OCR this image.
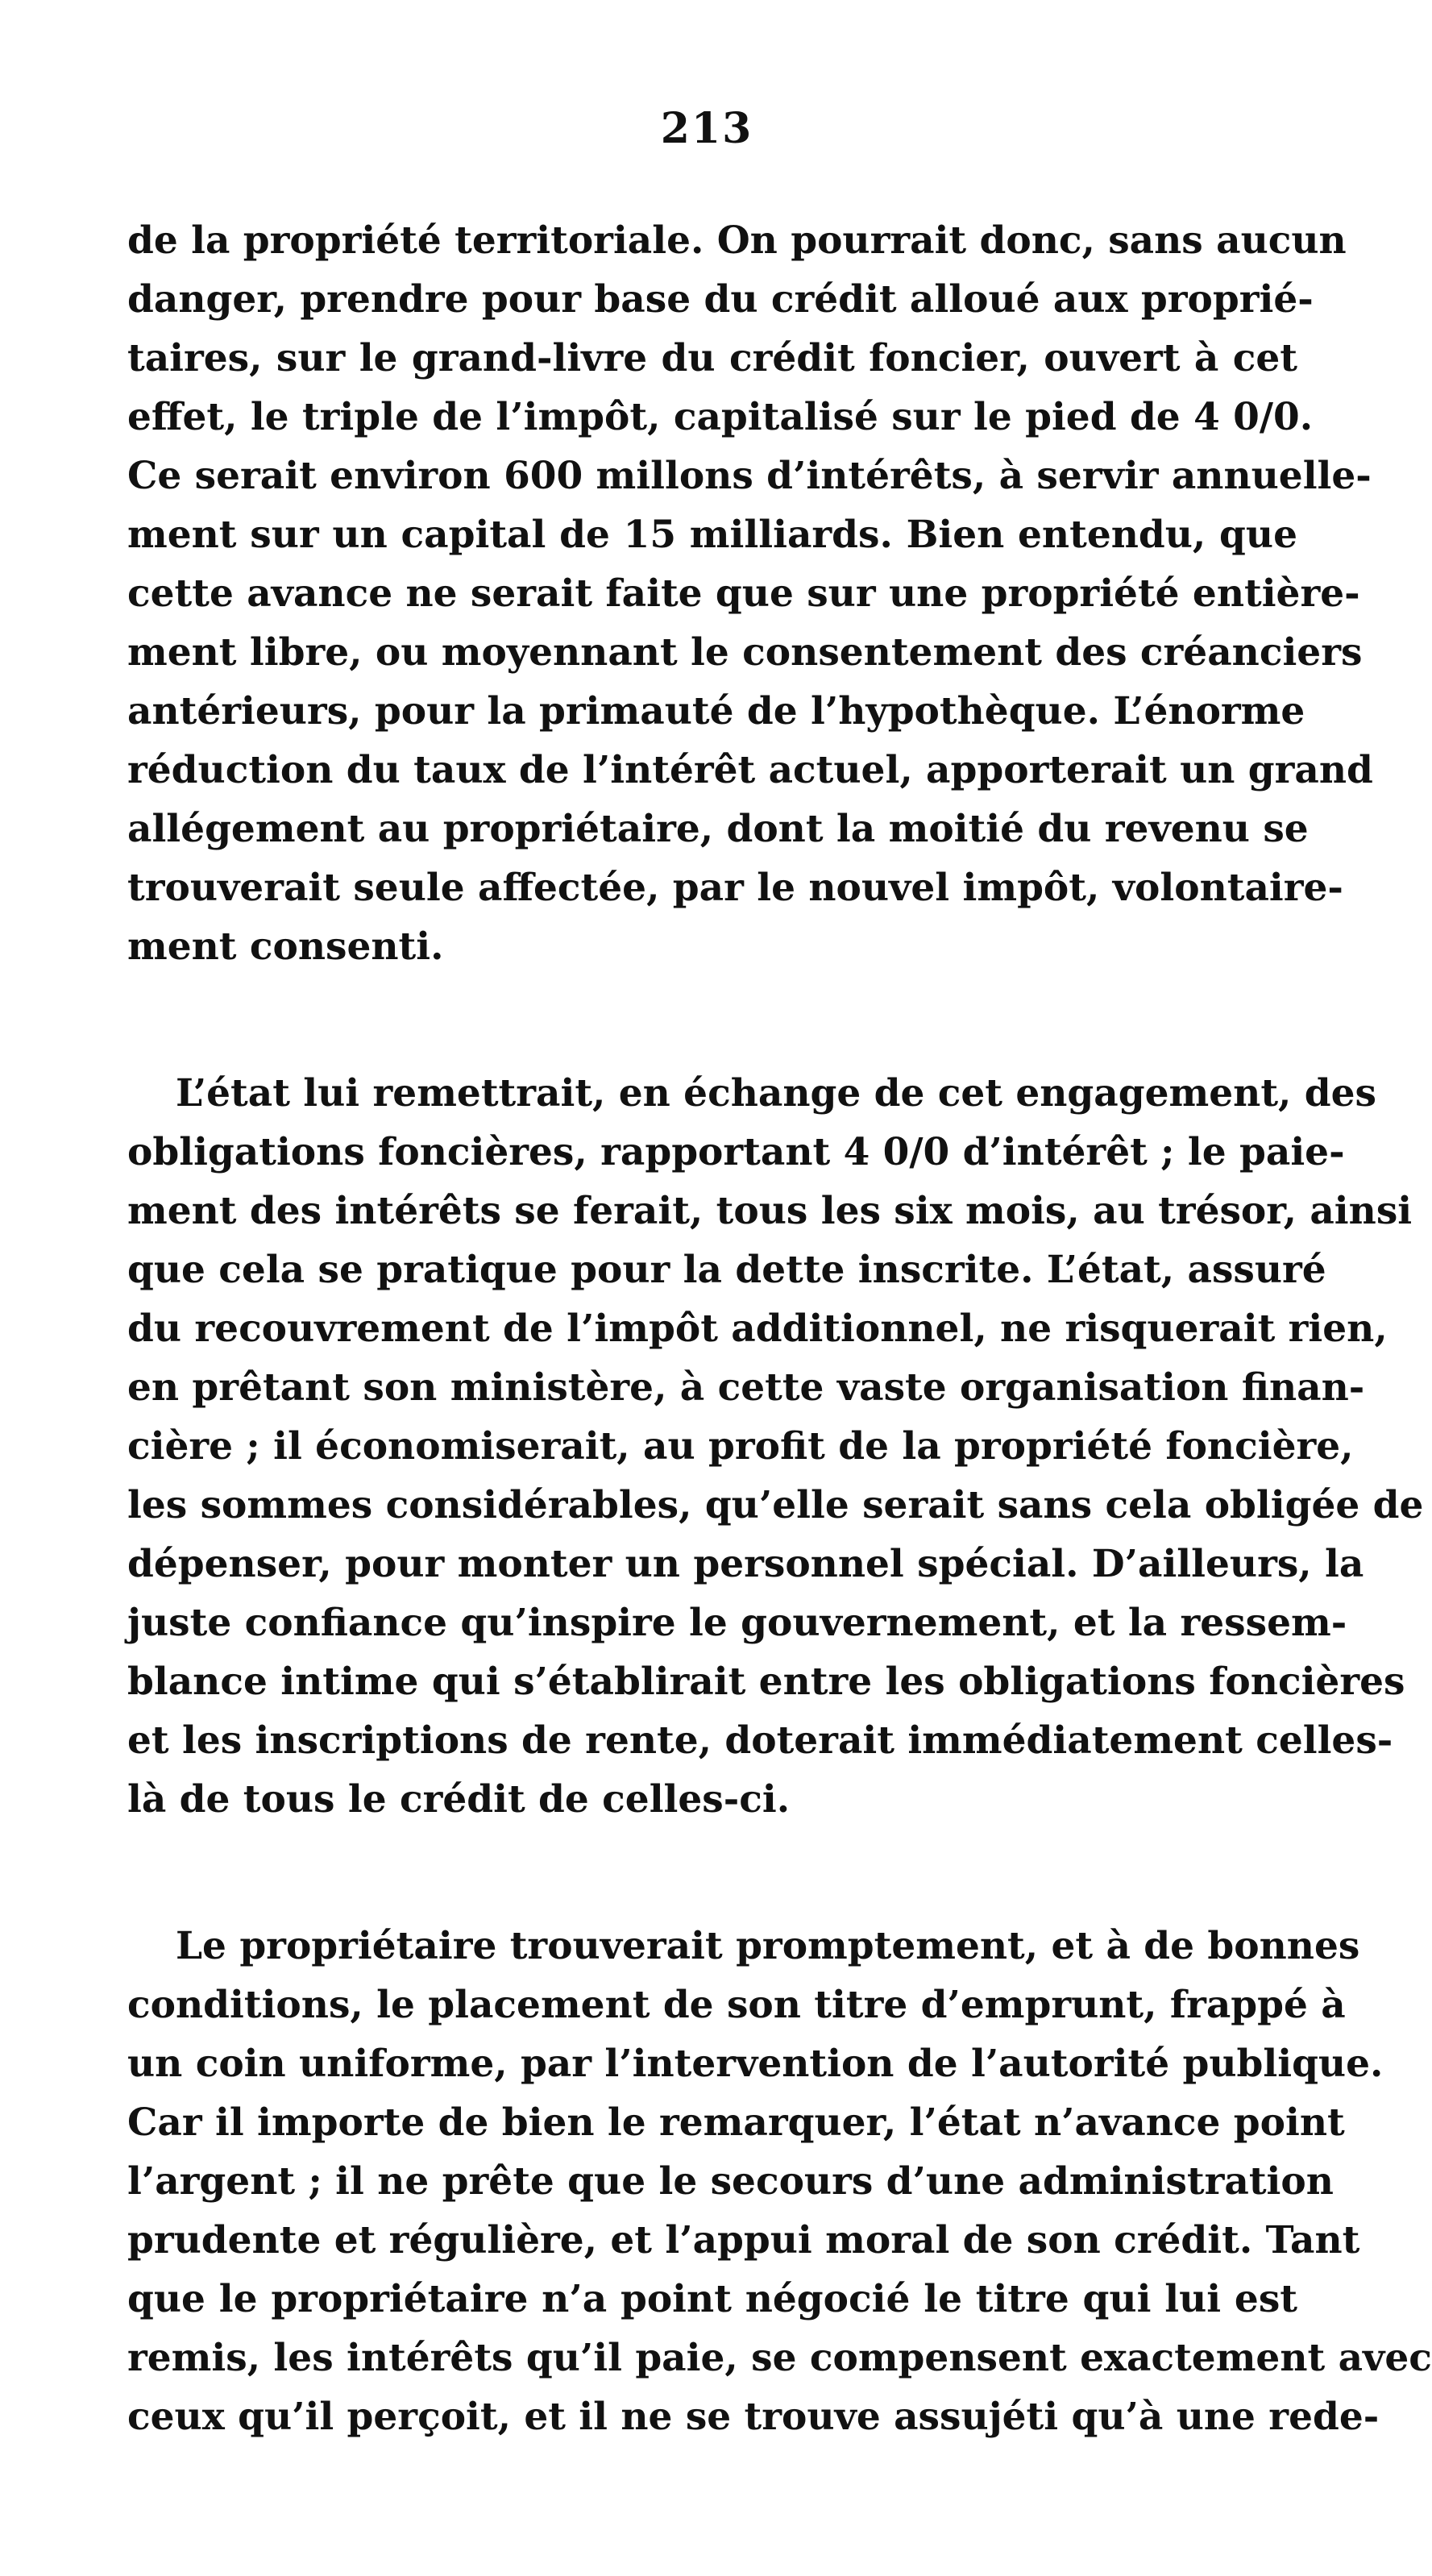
213
de la propriété territoriale. On pourrait donc, sans aucun
danger, prendre pour base du crédit alloué aux proprié-
taires, sur le grand-livre du crédit foncier, ouvert à cet
effet, le triple de l’impôt, capitalisé sur le pied de 4 0/0.
Ce serait environ 600 millons d’intérêts, à servir annuelle-
ment sur un capital de 15 milliards. Bien entendu, que
cette avance ne serait faite que sur une propriété entière-
ment libre, ou moyennant le consentement des créanciers
antérieurs, pour la primauté de l’hypothèque. L’énorme
réduction du taux de l’intérêt actuel, apporterait un grand
allégement au propriétaire, dont la moitié du revenu se
trouverait seule affectée, par le nouvel impôt, volontaire-
ment consenti.
L’état lui remettrait, en échange de cet engagement, des
obligations foncières, rapportant 4 0/0 d’intérêt ; le paie-
ment des intérêts se ferait, tous les six mois, au trésor, ainsi
que cela se pratique pour la dette inscrite. L’état, assuré
du recouvrement de l’impôt additionnel, ne risquerait rien,
en prêtant son ministère, à cette vaste organisation finan-
cière ; il économiserait, au profit de la propriété foncière,
les sommes considérables, qu’elle serait sans cela obligée de
dépenser, pour monter un personnel spécial. D’ailleurs, la
juste confiance qu’inspire le gouvernement, et la ressem-
blance intime qui s’établirait entre les obligations foncières
et les inscriptions de rente, doterait immédiatement celles-
là de tous le crédit de celles-ci.
Le propriétaire trouverait promptement, et à de bonnes
conditions, le placement de son titre d’emprunt, frappé à
un coin uniforme, par l’intervention de l’autorité publique.
Car il importe de bien le remarquer, l’état n’avance point
l’argent ; il ne prête que le secours d’une administration
prudente et régulière, et l’appui moral de son crédit. Tant
que le propriétaire n’a point négocié le titre qui lui est
remis, les intérêts qu’il paie, se compensent exactement avec
ceux qu’il perçoit, et il ne se trouve assujéti qu’à une rede-
